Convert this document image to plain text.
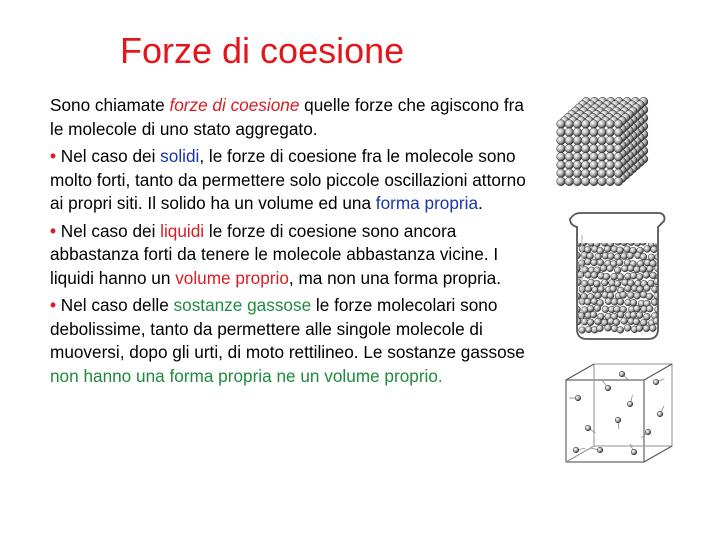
Forze di coesione

Sono chiamate forze di coesione quelle forze che agiscono fra le molecole di uno stato aggregato.

• Nel caso dei solidi, le forze di coesione fra le molecole sono molto forti, tanto da permettere solo piccole oscillazioni attorno ai propri siti. Il solido ha un volume ed una forma propria.

• Nel caso dei liquidi le forze di coesione sono ancora abbastanza forti da tenere le molecole abbastanza vicine. I liquidi hanno un volume proprio, ma non una forma propria.

• Nel caso delle sostanze gassose le forze molecolari sono debolissime, tanto da permettere alle singole molecole di muoversi, dopo gli urti, di moto rettilineo. Le sostanze gassose non hanno una forma propria ne un volume proprio.
